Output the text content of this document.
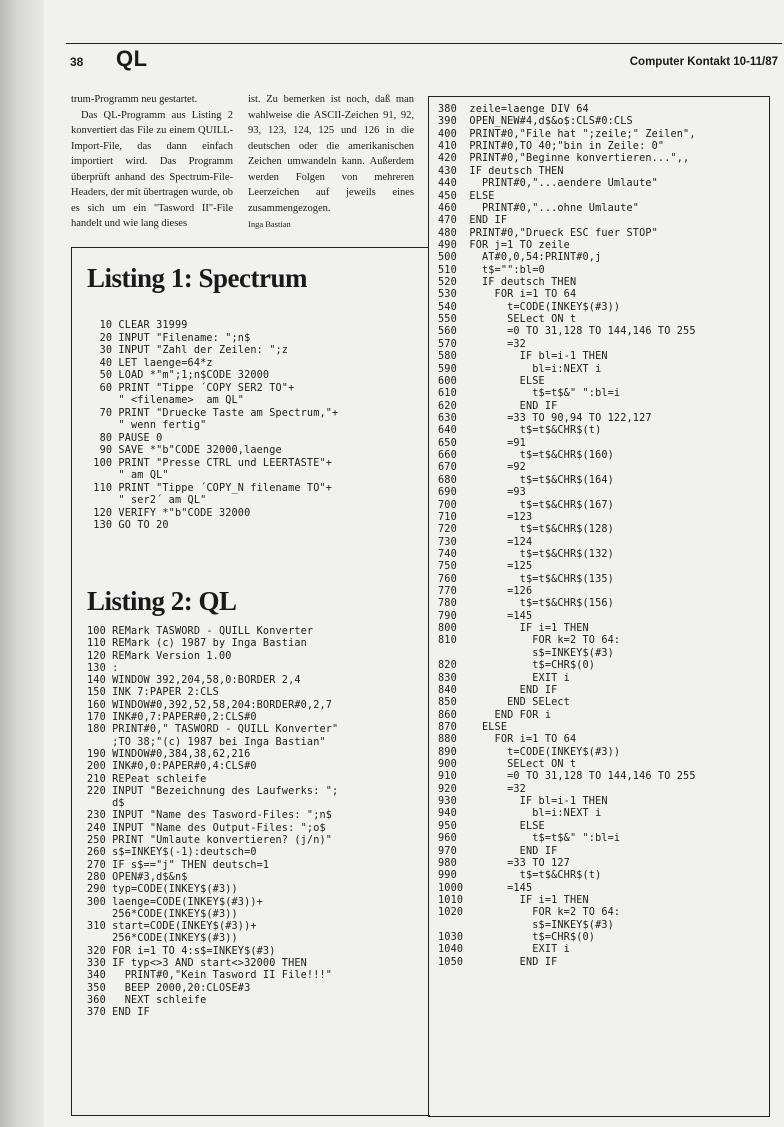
38 QL	Computer Kontakt 10-11/87

trum-Programm neu gestartet.

Das QL-Programm aus Listing 2 konvertiert das File zu einem QUILL-Import-File, das dann einfach importiert wird. Das Programm überprüft anhand des Spectrum-File-Headers, der mit übertragen wurde, ob es sich um ein "Tasword II"-File handelt und wie lang dieses

ist. Zu bemerken ist noch, daß man wahlweise die ASCII-Zeichen 91, 92, 93, 123, 124, 125 und 126 in die deutschen oder die amerikanischen Zeichen umwandeln kann. Außerdem werden Folgen von mehreren Leerzeichen auf jeweils eines zusammengezogen.

Inga Bastian
Listing 1: Spectrum
10 CLEAR 31999
20 INPUT "Filename: ";n$
30 INPUT "Zahl der Zeilen: ";z
40 LET laenge=64*z
50 LOAD *"m";1;n$CODE 32000
60 PRINT "Tippe ´COPY SER2 TO"+
" <filename>  am QL"
70 PRINT "Druecke Taste am Spectrum,"+
" wenn fertig"
80 PAUSE 0
90 SAVE *"b"CODE 32000,laenge
100 PRINT "Presse CTRL und LEERTASTE"+
" am QL"
110 PRINT "Tippe ´COPY_N filename TO"+
" ser2´ am QL"
120 VERIFY *"b"CODE 32000
130 GO TO 20
Listing 2: QL
100 REMark TASWORD - QUILL Konverter
110 REMark (c) 1987 by Inga Bastian
120 REMark Version 1.00
130 :
140 WINDOW 392,204,58,0:BORDER 2,4
150 INK 7:PAPER 2:CLS
160 WINDOW#0,392,52,58,204:BORDER#0,2,7
170 INK#0,7:PAPER#0,2:CLS#0
180 PRINT#0," TASWORD - QUILL Konverter"
;TO 38;"(c) 1987 bei Inga Bastian"
190 WINDOW#0,384,38,62,216
200 INK#0,0:PAPER#0,4:CLS#0
210 REPeat schleife
220 INPUT "Bezeichnung des Laufwerks: ";
d$
230 INPUT "Name des Tasword-Files: ";n$
240 INPUT "Name des Output-Files: ";o$
250 PRINT "Umlaute konvertieren? (j/n)"
260 s$=INKEY$(-1):deutsch=0
270 IF s$=="j" THEN deutsch=1
280 OPEN#3,d$&n$
290 typ=CODE(INKEY$(#3))
300 laenge=CODE(INKEY$(#3))+
256*CODE(INKEY$(#3))
310 start=CODE(INKEY$(#3))+
256*CODE(INKEY$(#3))
320 FOR i=1 TO 4:s$=INKEY$(#3)
330 IF typ<>3 AND start<>32000 THEN
340   PRINT#0,"Kein Tasword II File!!!"
350   BEEP 2000,20:CLOSE#3
360   NEXT schleife
370 END IF
380  zeile=laenge DIV 64
390  OPEN_NEW#4,d$&o$:CLS#0:CLS
400  PRINT#0,"File hat ";zeile;" Zeilen",
410  PRINT#0,TO 40;"bin in Zeile: 0"
420  PRINT#0,"Beginne konvertieren...",,
430  IF deutsch THEN
440    PRINT#0,"...aendere Umlaute"
450  ELSE
460    PRINT#0,"...ohne Umlaute"
470  END IF
480  PRINT#0,"Drueck ESC fuer STOP"
490  FOR j=1 TO zeile
500    AT#0,0,54:PRINT#0,j
510    t$="":bl=0
520    IF deutsch THEN
530      FOR i=1 TO 64
540        t=CODE(INKEY$(#3))
550        SELect ON t
560        =0 TO 31,128 TO 144,146 TO 255
570        =32
580          IF bl=i-1 THEN
590            bl=i:NEXT i
600          ELSE
610            t$=t$&" ":bl=i
620          END IF
630        =33 TO 90,94 TO 122,127
640          t$=t$&CHR$(t)
650        =91
660          t$=t$&CHR$(160)
670        =92
680          t$=t$&CHR$(164)
690        =93
700          t$=t$&CHR$(167)
710        =123
720          t$=t$&CHR$(128)
730        =124
740          t$=t$&CHR$(132)
750        =125
760          t$=t$&CHR$(135)
770        =126
780          t$=t$&CHR$(156)
790        =145
800          IF i=1 THEN
810            FOR k=2 TO 64:
s$=INKEY$(#3)
820            t$=CHR$(0)
830            EXIT i
840          END IF
850        END SELect
860      END FOR i
870    ELSE
880      FOR i=1 TO 64
890        t=CODE(INKEY$(#3))
900        SELect ON t
910        =0 TO 31,128 TO 144,146 TO 255
920        =32
930          IF bl=i-1 THEN
940            bl=i:NEXT i
950          ELSE
960            t$=t$&" ":bl=i
970          END IF
980        =33 TO 127
990          t$=t$&CHR$(t)
1000       =145
1010         IF i=1 THEN
1020           FOR k=2 TO 64:
s$=INKEY$(#3)
1030           t$=CHR$(0)
1040           EXIT i
1050         END IF
